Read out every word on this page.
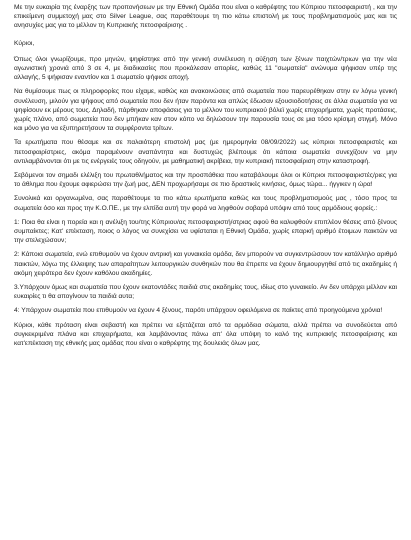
Με την ευκαιρία της έναρξης των προπονήσεων με την Εθνική Ομάδα που είναι ο καθρέφτης του Κύπριου πετοσφαιριστή , και την επικείμενη συμμετοχή μας στο Silver League, σας παραθέτουμε τη πιο κάτω επιστολή με τους προβληματισμούς μας και τις ανησυχίες μας για το μέλλον τη Κυπριακής πετοσφαίρισης .

Κύριοι,

Όπως όλοι γνωρίζουμε, προ μηνών, ψηφίστηκε από την γενική συνέλευση η αύξηση των ξένων παιχτών/τριων για την νέα αγωνιστική χρονιά από 3 σε 4, με διαδικασίες που προκάλεσαν απορίες, καθώς 11 "σωματεία" ανώνυμα ψήφισαν υπέρ της αλλαγής, 5 ψήφισαν εναντίον και 1 σωματείο ψήφισε αποχή.

Να θυμίσουμε πως οι πληροφορίες που είχαμε, καθώς και ανακοινώσεις από σωματεία που παρευρέθηκαν στην εν λόγω γενική συνέλευση, μιλούν για ψήφους από σωματεία που δεν ήταν παρόντα και απλώς έδωσαν εξουσιοδοτήσεις σε άλλα σωματεία για να ψηφίσουν εκ μέρους τους. Δηλαδή, πάρθηκαν αποφάσεις για το μέλλον του κυπριακού βόλεϊ χωρίς επιχειρήματα, χωρίς προτάσεις, χωρίς πλάνο, από σωματεία που δεν μπήκαν καν στον κόπο να δηλώσουν την παρουσία τους σε μια τόσο κρίσιμη στιγμή. Μόνο και μόνο για να εξυπηρετήσουν τα συμφέροντα τρίτων.

Τα ερωτήματα που θέσαμε και σε παλαιότερη επιστολή μας (με ημερομηνία 08/09/2022) ως κύπριοι πετοσφαιριστές και πετοσφαιρίστριες, ακόμα παραμένουν αναπάντητα και δυστυχώς βλέπουμε ότι κάποια σωματεία συνεχίζουν να μην αντιλαμβάνονται ότι με τις ενέργειές τους οδηγούν, με μαθηματική ακρίβεια, την κυπριακή πετοσφαίριση στην καταστροφή.

Σεβόμενοι τον σημαδι ελέλιξη του πρωταθλήματος και την προσπάθεια που καταβάλουμε όλοι οι Κύπριοι πετοσφαιριστές/ριες για το άθλημα που έχουμε αφιερώσει την ζωή μας, ΔΕΝ προχωρήσαμε σε πιο δραστικές κινήσεις, όμως τώρα... ήγγικεν η ώρα!

Συνολικά και οργανωμένα, σας παραθέτουμε τα πιο κάτω ερωτήματα καθώς και τους προβληματισμούς μας , τόσο προς τα σωματεία όσο και προς την Κ.Ο.ΠΕ., με την ελπίδα αυτή την φορά να ληφθούν σοβαρά υπόψιν από τους αρμόδιους φορείς.:

1: Ποια θα είναι η πορεία και η ανέλιξη του/της Κύπριου/ας πετοσφαιριστή/στριας αφού θα καλυφθούν επιπλέον θέσεις από ξένους συμπαίκτες; Κατ' επέκταση, ποιος ο λόγος να συνεχίσει να υφίσταται η Εθνική Ομάδα, χωρίς επαρκή αριθμό έτοιμων παικτών να την στελεχώσουν;

2: Κάποια σωματεία, ενώ επιθυμούν να έχουν αντρική και γυναικεία ομάδα, δεν μπορούν να συγκεντρώσουν τον κατάλληλο αριθμό παικτών, λόγω της έλλειψης των απαραίτητων λειτουργικών συνθηκών που θα έπρεπε να έχουν δημιουργηθεί από τις ακαδημίες ή ακόμη χειρότερα δεν έχουν καθόλου ακαδημίες.

3.Υπάρχουν όμως και σωματεία που έχουν εκατοντάδες παιδιά στις ακαδημίες τους, ιδίως στο γυναικείο. Αν δεν υπάρχει μέλλον και ευκαιρίες τι θα απογίνουν τα παιδιά αυτα;

4: Υπάρχουν σωματεία που επιθυμούν να έχουν 4 ξένους, παρότι υπάρχουν οφειλόμενα σε παίκτες από προηγούμενα χρόνια!

Κύριοι, κάθε πρόταση είναι σεβαστή και πρέπει να εξετάζεται από τα αρμόδεια σώματα, αλλά πρέπει να συνοδεύεται από συγκεκριμένα πλάνα και επιχειρήματα, και λαμβάνοντας πάνω απ' όλα υπόψη το καλό της κυπριακής πετοσφαίρισης και κατ'επέκταση της εθνικής μας ομάδας που είναι ο καθρέφτης της δουλειάς όλων μας.
